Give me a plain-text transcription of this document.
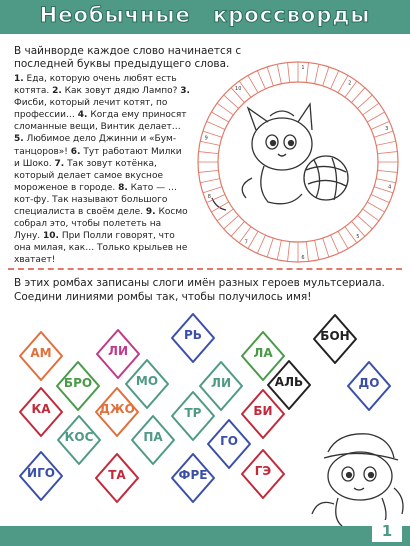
Необычные кроссворды
В чайнворде каждое слово начинается с последней буквы предыдущего слова.
1. Еда, которую очень любят есть котята. 2. Как зовут дядю Лампо? 3. Фисби, который лечит котят, по профессии… 4. Когда ему приносят сломанные вещи, Винтик делает… 5. Любимое дело Джинни и «Бум-танцоров»! 6. Тут работают Милки и Шоко. 7. Так зовут котёнка, который делает самое вкусное мороженое в городе. 8. Като — … кот-фу. Так называют большого специалиста в своём деле. 9. Космо собрал это, чтобы полететь на Луну. 10. При Полли говорят, что она милая, как… Только крыльев не хватает!
1
2
3
4
5
6
7
8
9
10
В этих ромбах записаны слоги имён разных героев мультсериала. Соедини линиями ромбы так, чтобы получилось имя!
АМ	ЛИ
РЬ
ЛА
БОН
БРО	МО	ЛИ	АЛЬ	ДО
КА	ДЖО	ТР	БИ
КОС	ПА	ГО
ИГО	ТА	ФРЕ	ГЭ
1
